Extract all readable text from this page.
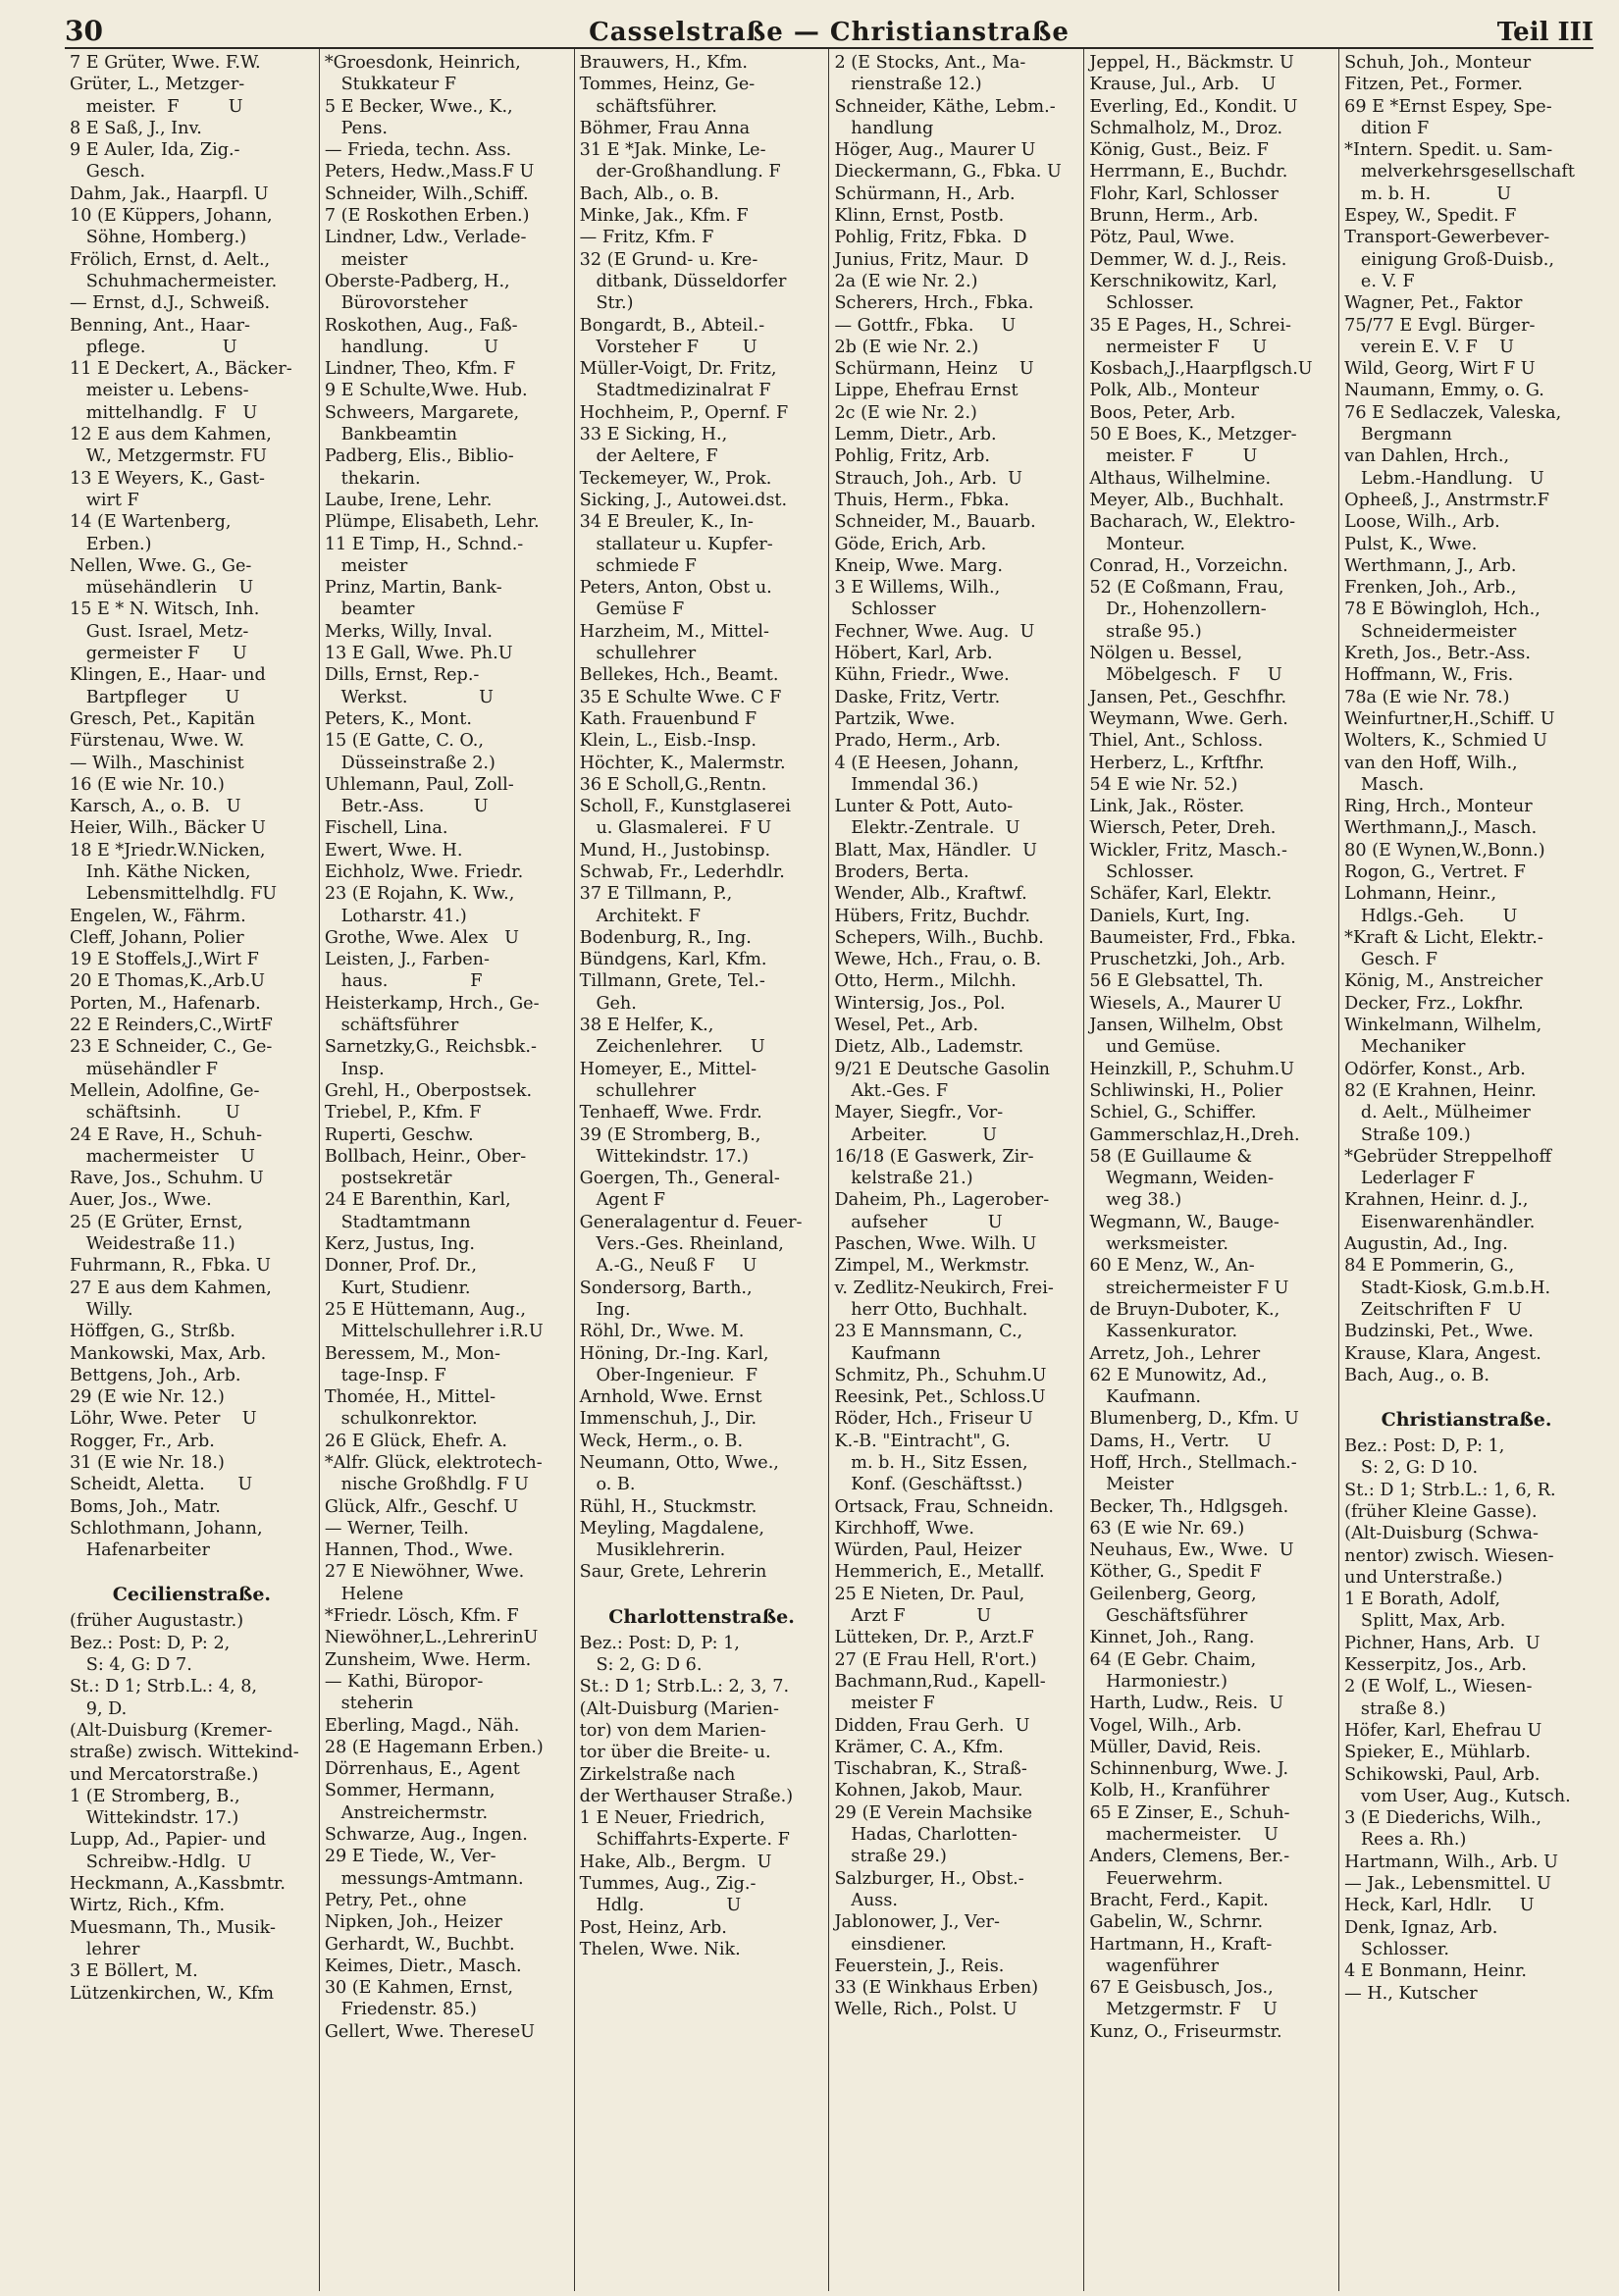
30	Casselstraße — Christianstraße	Teil III
7 E Grüter, Wwe. F.W.
Grüter, L., Metzger-
meister.  F         U
8 E Saß, J., Inv.
9 E Auler, Ida, Zig.-
Gesch.
Dahm, Jak., Haarpfl. U
10 (E Küppers, Johann,
Söhne, Homberg.)
Frölich, Ernst, d. Aelt.,
Schuhmachermeister.
— Ernst, d.J., Schweiß.
Benning, Ant., Haar-
pflege.              U
11 E Deckert, A., Bäcker-
meister u. Lebens-
mittelhandlg.  F   U
12 E aus dem Kahmen,
W., Metzgermstr. FU
13 E Weyers, K., Gast-
wirt F
14 (E Wartenberg,
Erben.)
Nellen, Wwe. G., Ge-
müsehändlerin    U
15 E * N. Witsch, Inh.
Gust. Israel, Metz-
germeister F      U
Klingen, E., Haar- und
Bartpfleger       U
Gresch, Pet., Kapitän
Fürstenau, Wwe. W.
— Wilh., Maschinist
16 (E wie Nr. 10.)
Karsch, A., o. B.   U
Heier, Wilh., Bäcker U
18 E *Jriedr.W.Nicken,
Inh. Käthe Nicken,
Lebensmittelhdlg. FU
Engelen, W., Fährm.
Cleff, Johann, Polier
19 E Stoffels,J.,Wirt F
20 E Thomas,K.,Arb.U
Porten, M., Hafenarb.
22 E Reinders,C.,WirtF
23 E Schneider, C., Ge-
müsehändler F
Mellein, Adolfine, Ge-
schäftsinh.        U
24 E Rave, H., Schuh-
machermeister    U
Rave, Jos., Schuhm. U
Auer, Jos., Wwe.
25 (E Grüter, Ernst,
Weidestraße 11.)
Fuhrmann, R., Fbka. U
27 E aus dem Kahmen,
Willy.
Höffgen, G., Strßb.
Mankowski, Max, Arb.
Bettgens, Joh., Arb.
29 (E wie Nr. 12.)
Löhr, Wwe. Peter    U
Rogger, Fr., Arb.
31 (E wie Nr. 18.)
Scheidt, Aletta.      U
Boms, Joh., Matr.
Schlothmann, Johann,
Hafenarbeiter
Cecilienstraße.
(früher Augustastr.)
Bez.: Post: D, P: 2,
S: 4, G: D 7.
St.: D 1; Strb.L.: 4, 8,
9, D.
(Alt-Duisburg (Kremer-
straße) zwisch. Wittekind-
und Mercatorstraße.)
1 (E Stromberg, B.,
Wittekindstr. 17.)
Lupp, Ad., Papier- und
Schreibw.-Hdlg.  U
Heckmann, A.,Kassbmtr.
Wirtz, Rich., Kfm.
Muesmann, Th., Musik-
lehrer
3 E Böllert, M.
Lützenkirchen, W., Kfm
*Groesdonk, Heinrich,
Stukkateur F
5 E Becker, Wwe., K.,
Pens.
— Frieda, techn. Ass.
Peters, Hedw.,Mass.F U
Schneider, Wilh.,Schiff.
7 (E Roskothen Erben.)
Lindner, Ldw., Verlade-
meister
Oberste-Padberg, H.,
Bürovorsteher
Roskothen, Aug., Faß-
handlung.          U
Lindner, Theo, Kfm. F
9 E Schulte,Wwe. Hub.
Schweers, Margarete,
Bankbeamtin
Padberg, Elis., Biblio-
thekarin.
Laube, Irene, Lehr.
Plümpe, Elisabeth, Lehr.
11 E Timp, H., Schnd.-
meister
Prinz, Martin, Bank-
beamter
Merks, Willy, Inval.
13 E Gall, Wwe. Ph.U
Dills, Ernst, Rep.-
Werkst.             U
Peters, K., Mont.
15 (E Gatte, C. O.,
Düsseinstraße 2.)
Uhlemann, Paul, Zoll-
Betr.-Ass.         U
Fischell, Lina.
Ewert, Wwe. H.
Eichholz, Wwe. Friedr.
23 (E Rojahn, K. Ww.,
Lotharstr. 41.)
Grothe, Wwe. Alex   U
Leisten, J., Farben-
haus.               F
Heisterkamp, Hrch., Ge-
schäftsführer
Sarnetzky,G., Reichsbk.-
Insp.
Grehl, H., Oberpostsek.
Triebel, P., Kfm. F
Ruperti, Geschw.
Bollbach, Heinr., Ober-
postsekretär
24 E Barenthin, Karl,
Stadtamtmann
Kerz, Justus, Ing.
Donner, Prof. Dr.,
Kurt, Studienr.
25 E Hüttemann, Aug.,
Mittelschullehrer i.R.U
Beressem, M., Mon-
tage-Insp. F
Thomée, H., Mittel-
schulkonrektor.
26 E Glück, Ehefr. A.
*Alfr. Glück, elektrotech-
nische Großhdlg. F U
Glück, Alfr., Geschf. U
— Werner, Teilh.
Hannen, Thod., Wwe.
27 E Niewöhner, Wwe.
Helene
*Friedr. Lösch, Kfm. F
Niewöhner,L.,LehrerinU
Zunsheim, Wwe. Herm.
— Kathi, Büropor-
steherin
Eberling, Magd., Näh.
28 (E Hagemann Erben.)
Dörrenhaus, E., Agent
Sommer, Hermann,
Anstreichermstr.
Schwarze, Aug., Ingen.
29 E Tiede, W., Ver-
messungs-Amtmann.
Petry, Pet., ohne
Nipken, Joh., Heizer
Gerhardt, W., Buchbt.
Keimes, Dietr., Masch.
30 (E Kahmen, Ernst,
Friedenstr. 85.)
Gellert, Wwe. ThereseU
Brauwers, H., Kfm.
Tommes, Heinz, Ge-
schäftsführer.
Böhmer, Frau Anna
31 E *Jak. Minke, Le-
der-Großhandlung. F
Bach, Alb., o. B.
Minke, Jak., Kfm. F
— Fritz, Kfm. F
32 (E Grund- u. Kre-
ditbank, Düsseldorfer
Str.)
Bongardt, B., Abteil.-
Vorsteher F        U
Müller-Voigt, Dr. Fritz,
Stadtmedizinalrat F
Hochheim, P., Opernf. F
33 E Sicking, H.,
der Aeltere, F
Teckemeyer, W., Prok.
Sicking, J., Autowei.dst.
34 E Breuler, K., In-
stallateur u. Kupfer-
schmiede F
Peters, Anton, Obst u.
Gemüse F
Harzheim, M., Mittel-
schullehrer
Bellekes, Hch., Beamt.
35 E Schulte Wwe. C F
Kath. Frauenbund F
Klein, L., Eisb.-Insp.
Höchter, K., Malermstr.
36 E Scholl,G.,Rentn.
Scholl, F., Kunstglaserei
u. Glasmalerei.  F U
Mund, H., Justobinsp.
Schwab, Fr., Lederhdlr.
37 E Tillmann, P.,
Architekt. F
Bodenburg, R., Ing.
Bündgens, Karl, Kfm.
Tillmann, Grete, Tel.-
Geh.
38 E Helfer, K.,
Zeichenlehrer.     U
Homeyer, E., Mittel-
schullehrer
Tenhaeff, Wwe. Frdr.
39 (E Stromberg, B.,
Wittekindstr. 17.)
Goergen, Th., General-
Agent F
Generalagentur d. Feuer-
Vers.-Ges. Rheinland,
A.-G., Neuß F     U
Sondersorg, Barth.,
Ing.
Röhl, Dr., Wwe. M.
Höning, Dr.-Ing. Karl,
Ober-Ingenieur.  F
Arnhold, Wwe. Ernst
Immenschuh, J., Dir.
Weck, Herm., o. B.
Neumann, Otto, Wwe.,
o. B.
Rühl, H., Stuckmstr.
Meyling, Magdalene,
Musiklehrerin.
Saur, Grete, Lehrerin
Charlottenstraße.
Bez.: Post: D, P: 1,
S: 2, G: D 6.
St.: D 1; Strb.L.: 2, 3, 7.
(Alt-Duisburg (Marien-
tor) von dem Marien-
tor über die Breite- u.
Zirkelstraße nach
der Werthauser Straße.)
1 E Neuer, Friedrich,
Schiffahrts-Experte. F
Hake, Alb., Bergm.  U
Tummes, Aug., Zig.-
Hdlg.               U
Post, Heinz, Arb.
Thelen, Wwe. Nik.
2 (E Stocks, Ant., Ma-
rienstraße 12.)
Schneider, Käthe, Lebm.-
handlung
Höger, Aug., Maurer U
Dieckermann, G., Fbka. U
Schürmann, H., Arb.
Klinn, Ernst, Postb.
Pohlig, Fritz, Fbka.  D
Junius, Fritz, Maur.  D
2a (E wie Nr. 2.)
Scherers, Hrch., Fbka.
— Gottfr., Fbka.     U
2b (E wie Nr. 2.)
Schürmann, Heinz    U
Lippe, Ehefrau Ernst
2c (E wie Nr. 2.)
Lemm, Dietr., Arb.
Pohlig, Fritz, Arb.
Strauch, Joh., Arb.  U
Thuis, Herm., Fbka.
Schneider, M., Bauarb.
Göde, Erich, Arb.
Kneip, Wwe. Marg.
3 E Willems, Wilh.,
Schlosser
Fechner, Wwe. Aug.  U
Höbert, Karl, Arb.
Kühn, Friedr., Wwe.
Daske, Fritz, Vertr.
Partzik, Wwe.
Prado, Herm., Arb.
4 (E Heesen, Johann,
Immendal 36.)
Lunter & Pott, Auto-
Elektr.-Zentrale.  U
Blatt, Max, Händler.  U
Broders, Berta.
Wender, Alb., Kraftwf.
Hübers, Fritz, Buchdr.
Schepers, Wilh., Buchb.
Wewe, Hch., Frau, o. B.
Otto, Herm., Milchh.
Wintersig, Jos., Pol.
Wesel, Pet., Arb.
Dietz, Alb., Lademstr.
9/21 E Deutsche Gasolin
Akt.-Ges. F
Mayer, Siegfr., Vor-
Arbeiter.          U
16/18 (E Gaswerk, Zir-
kelstraße 21.)
Daheim, Ph., Lagerober-
aufseher           U
Paschen, Wwe. Wilh. U
Zimpel, M., Werkmstr.
v. Zedlitz-Neukirch, Frei-
herr Otto, Buchhalt.
23 E Mannsmann, C.,
Kaufmann
Schmitz, Ph., Schuhm.U
Reesink, Pet., Schloss.U
Röder, Hch., Friseur U
K.-B. "Eintracht", G.
m. b. H., Sitz Essen,
Konf. (Geschäftsst.)
Ortsack, Frau, Schneidn.
Kirchhoff, Wwe.
Würden, Paul, Heizer
Hemmerich, E., Metallf.
25 E Nieten, Dr. Paul,
Arzt F             U
Lütteken, Dr. P., Arzt.F
27 (E Frau Hell, R'ort.)
Bachmann,Rud., Kapell-
meister F
Didden, Frau Gerh.  U
Krämer, C. A., Kfm.
Tischabran, K., Straß-
Kohnen, Jakob, Maur.
29 (E Verein Machsike
Hadas, Charlotten-
straße 29.)
Salzburger, H., Obst.-
Auss.
Jablonower, J., Ver-
einsdiener.
Feuerstein, J., Reis.
33 (E Winkhaus Erben)
Welle, Rich., Polst. U
Jeppel, H., Bäckmstr. U
Krause, Jul., Arb.    U
Everling, Ed., Kondit. U
Schmalholz, M., Droz.
König, Gust., Beiz. F
Herrmann, E., Buchdr.
Flohr, Karl, Schlosser
Brunn, Herm., Arb.
Pötz, Paul, Wwe.
Demmer, W. d. J., Reis.
Kerschnikowitz, Karl,
Schlosser.
35 E Pages, H., Schrei-
nermeister F      U
Kosbach,J.,Haarpflgsch.U
Polk, Alb., Monteur
Boos, Peter, Arb.
50 E Boes, K., Metzger-
meister. F         U
Althaus, Wilhelmine.
Meyer, Alb., Buchhalt.
Bacharach, W., Elektro-
Monteur.
Conrad, H., Vorzeichn.
52 (E Coßmann, Frau,
Dr., Hohenzollern-
straße 95.)
Nölgen u. Bessel,
Möbelgesch.  F     U
Jansen, Pet., Geschfhr.
Weymann, Wwe. Gerh.
Thiel, Ant., Schloss.
Herberz, L., Krftfhr.
54 E wie Nr. 52.)
Link, Jak., Röster.
Wiersch, Peter, Dreh.
Wickler, Fritz, Masch.-
Schlosser.
Schäfer, Karl, Elektr.
Daniels, Kurt, Ing.
Baumeister, Frd., Fbka.
Pruschetzki, Joh., Arb.
56 E Glebsattel, Th.
Wiesels, A., Maurer U
Jansen, Wilhelm, Obst
und Gemüse.
Heinzkill, P., Schuhm.U
Schliwinski, H., Polier
Schiel, G., Schiffer.
Gammerschlaz,H.,Dreh.
58 (E Guillaume &
Wegmann, Weiden-
weg 38.)
Wegmann, W., Bauge-
werksmeister.
60 E Menz, W., An-
streichermeister F U
de Bruyn-Duboter, K.,
Kassenkurator.
Arretz, Joh., Lehrer
62 E Munowitz, Ad.,
Kaufmann.
Blumenberg, D., Kfm. U
Dams, H., Vertr.     U
Hoff, Hrch., Stellmach.-
Meister
Becker, Th., Hdlgsgeh.
63 (E wie Nr. 69.)
Neuhaus, Ew., Wwe.  U
Köther, G., Spedit F
Geilenberg, Georg,
Geschäftsführer
Kinnet, Joh., Rang.
64 (E Gebr. Chaim,
Harmoniestr.)
Harth, Ludw., Reis.  U
Vogel, Wilh., Arb.
Müller, David, Reis.
Schinnenburg, Wwe. J.
Kolb, H., Kranführer
65 E Zinser, E., Schuh-
machermeister.    U
Anders, Clemens, Ber.-
Feuerwehrm.
Bracht, Ferd., Kapit.
Gabelin, W., Schrnr.
Hartmann, H., Kraft-
wagenführer
67 E Geisbusch, Jos.,
Metzgermstr. F    U
Kunz, O., Friseurmstr.
Schuh, Joh., Monteur
Fitzen, Pet., Former.
69 E *Ernst Espey, Spe-
dition F
*Intern. Spedit. u. Sam-
melverkehrsgesellschaft
m. b. H.            U
Espey, W., Spedit. F
Transport-Gewerbever-
einigung Groß-Duisb.,
e. V. F
Wagner, Pet., Faktor
75/77 E Evgl. Bürger-
verein E. V. F    U
Wild, Georg, Wirt F U
Naumann, Emmy, o. G.
76 E Sedlaczek, Valeska,
Bergmann
van Dahlen, Hrch.,
Lebm.-Handlung.   U
Opheeß, J., Anstrmstr.F
Loose, Wilh., Arb.
Pulst, K., Wwe.
Werthmann, J., Arb.
Frenken, Joh., Arb.,
78 E Böwingloh, Hch.,
Schneidermeister
Kreth, Jos., Betr.-Ass.
Hoffmann, W., Fris.
78a (E wie Nr. 78.)
Weinfurtner,H.,Schiff. U
Wolters, K., Schmied U
van den Hoff, Wilh.,
Masch.
Ring, Hrch., Monteur
Werthmann,J., Masch.
80 (E Wynen,W.,Bonn.)
Rogon, G., Vertret. F
Lohmann, Heinr.,
Hdlgs.-Geh.       U
*Kraft & Licht, Elektr.-
Gesch. F
König, M., Anstreicher
Decker, Frz., Lokfhr.
Winkelmann, Wilhelm,
Mechaniker
Odörfer, Konst., Arb.
82 (E Krahnen, Heinr.
d. Aelt., Mülheimer
Straße 109.)
*Gebrüder Streppelhoff
Lederlager F
Krahnen, Heinr. d. J.,
Eisenwarenhändler.
Augustin, Ad., Ing.
84 E Pommerin, G.,
Stadt-Kiosk, G.m.b.H.
Zeitschriften F   U
Budzinski, Pet., Wwe.
Krause, Klara, Angest.
Bach, Aug., o. B.
Christianstraße.
Bez.: Post: D, P: 1,
S: 2, G: D 10.
St.: D 1; Strb.L.: 1, 6, R.
(früher Kleine Gasse).
(Alt-Duisburg (Schwa-
nentor) zwisch. Wiesen-
und Unterstraße.)
1 E Borath, Adolf,
Splitt, Max, Arb.
Pichner, Hans, Arb.  U
Kesserpitz, Jos., Arb.
2 (E Wolf, L., Wiesen-
straße 8.)
Höfer, Karl, Ehefrau U
Spieker, E., Mühlarb.
Schikowski, Paul, Arb.
vom User, Aug., Kutsch.
3 (E Diederichs, Wilh.,
Rees a. Rh.)
Hartmann, Wilh., Arb. U
— Jak., Lebensmittel. U
Heck, Karl, Hdlr.     U
Denk, Ignaz, Arb.
Schlosser.
4 E Bonmann, Heinr.
— H., Kutscher
